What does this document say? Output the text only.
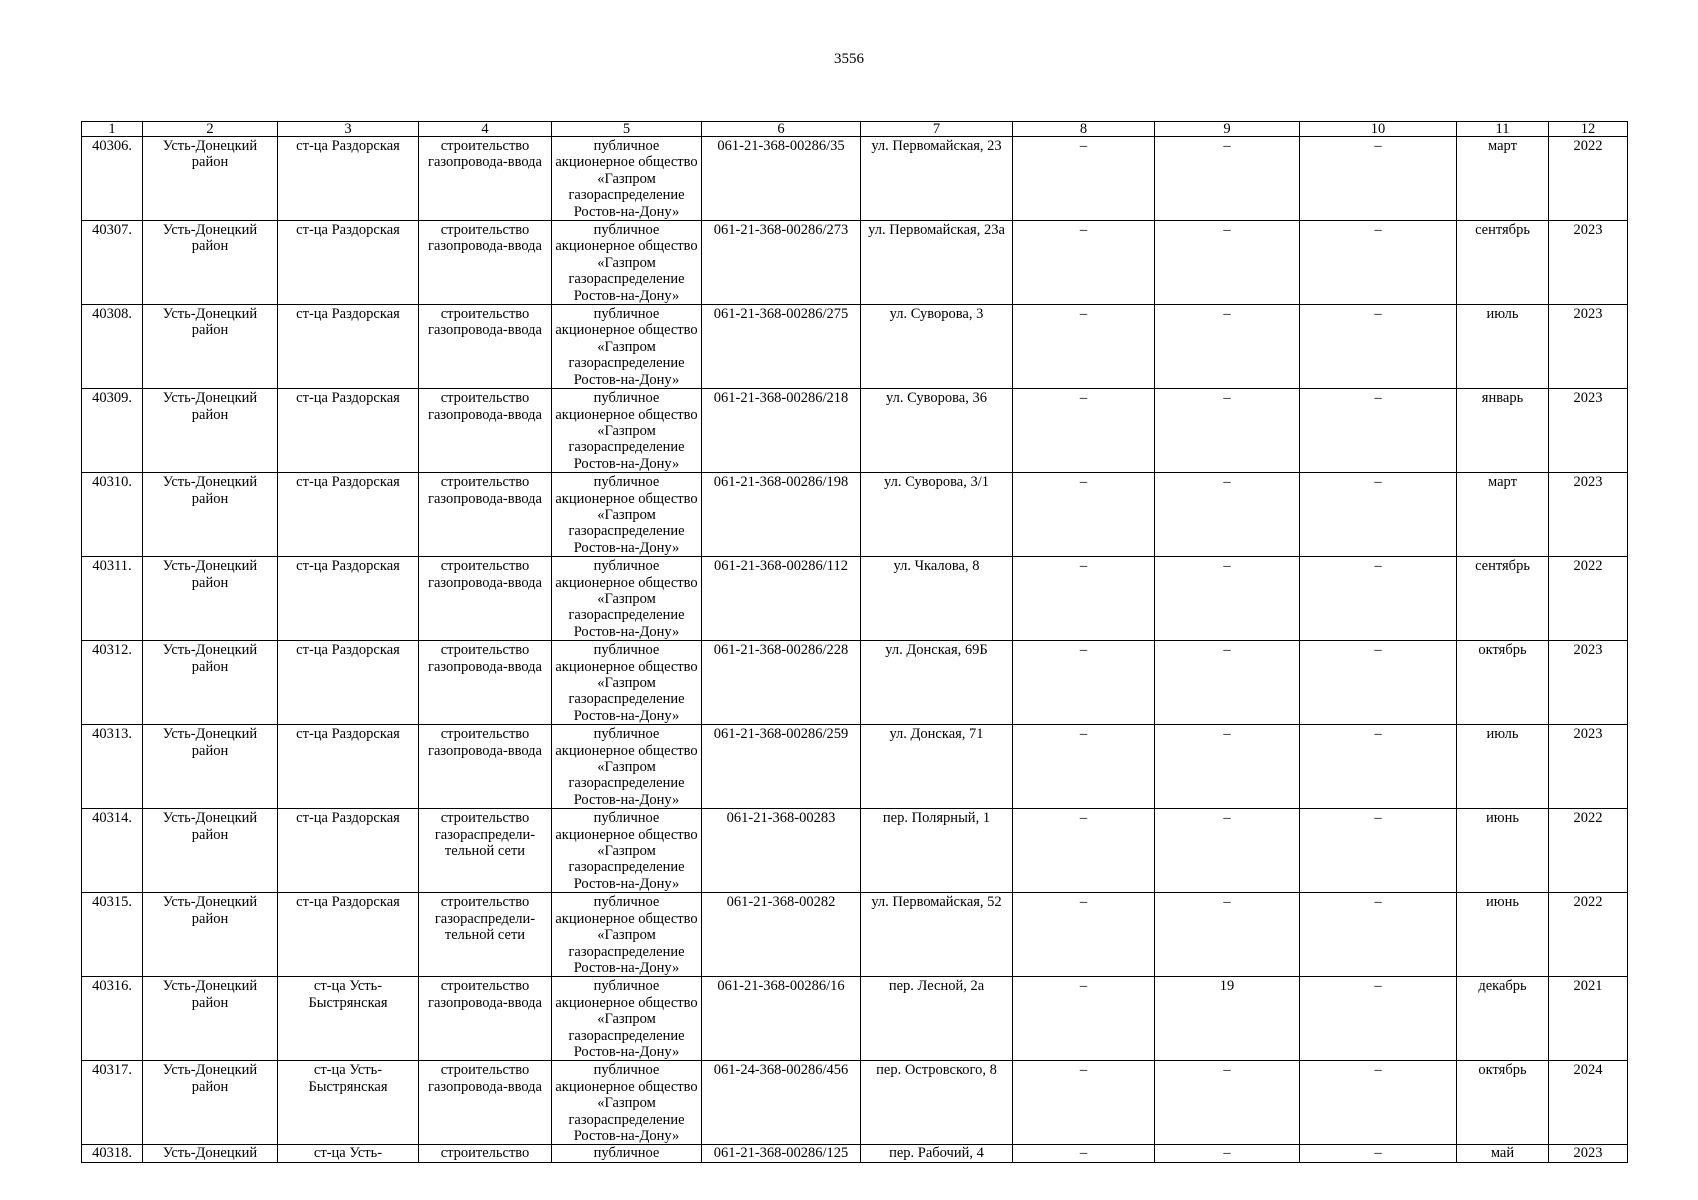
3556
1	2	3	4	5	6	7	8	9	10	11	12
40306.	Усть-Донецкий район	ст-ца Раздорская	строительство газопровода-ввода	публичное акционерное общество «Газпром газораспределение Ростов-на-Дону»	061-21-368-00286/35	ул. Первомайская, 23	–	–	–	март	2022
40307.	Усть-Донецкий район	ст-ца Раздорская	строительство газопровода-ввода	публичное акционерное общество «Газпром газораспределение Ростов-на-Дону»	061-21-368-00286/273	ул. Первомайская, 23а	–	–	–	сентябрь	2023
40308.	Усть-Донецкий район	ст-ца Раздорская	строительство газопровода-ввода	публичное акционерное общество «Газпром газораспределение Ростов-на-Дону»	061-21-368-00286/275	ул. Суворова, 3	–	–	–	июль	2023
40309.	Усть-Донецкий район	ст-ца Раздорская	строительство газопровода-ввода	публичное акционерное общество «Газпром газораспределение Ростов-на-Дону»	061-21-368-00286/218	ул. Суворова, 36	–	–	–	январь	2023
40310.	Усть-Донецкий район	ст-ца Раздорская	строительство газопровода-ввода	публичное акционерное общество «Газпром газораспределение Ростов-на-Дону»	061-21-368-00286/198	ул. Суворова, 3/1	–	–	–	март	2023
40311.	Усть-Донецкий район	ст-ца Раздорская	строительство газопровода-ввода	публичное акционерное общество «Газпром газораспределение Ростов-на-Дону»	061-21-368-00286/112	ул. Чкалова, 8	–	–	–	сентябрь	2022
40312.	Усть-Донецкий район	ст-ца Раздорская	строительство газопровода-ввода	публичное акционерное общество «Газпром газораспределение Ростов-на-Дону»	061-21-368-00286/228	ул. Донская, 69Б	–	–	–	октябрь	2023
40313.	Усть-Донецкий район	ст-ца Раздорская	строительство газопровода-ввода	публичное акционерное общество «Газпром газораспределение Ростов-на-Дону»	061-21-368-00286/259	ул. Донская, 71	–	–	–	июль	2023
40314.	Усть-Донецкий район	ст-ца Раздорская	строительство газораспредели-тельной сети	публичное акционерное общество «Газпром газораспределение Ростов-на-Дону»	061-21-368-00283	пер. Полярный, 1	–	–	–	июнь	2022
40315.	Усть-Донецкий район	ст-ца Раздорская	строительство газораспредели-тельной сети	публичное акционерное общество «Газпром газораспределение Ростов-на-Дону»	061-21-368-00282	ул. Первомайская, 52	–	–	–	июнь	2022
40316.	Усть-Донецкий район	ст-ца Усть-Быстрянская	строительство газопровода-ввода	публичное акционерное общество «Газпром газораспределение Ростов-на-Дону»	061-21-368-00286/16	пер. Лесной, 2а	–	19	–	декабрь	2021
40317.	Усть-Донецкий район	ст-ца Усть-Быстрянская	строительство газопровода-ввода	публичное акционерное общество «Газпром газораспределение Ростов-на-Дону»	061-24-368-00286/456	пер. Островского, 8	–	–	–	октябрь	2024
40318.	Усть-Донецкий	ст-ца Усть-	строительство	публичное	061-21-368-00286/125	пер. Рабочий, 4	–	–	–	май	2023
